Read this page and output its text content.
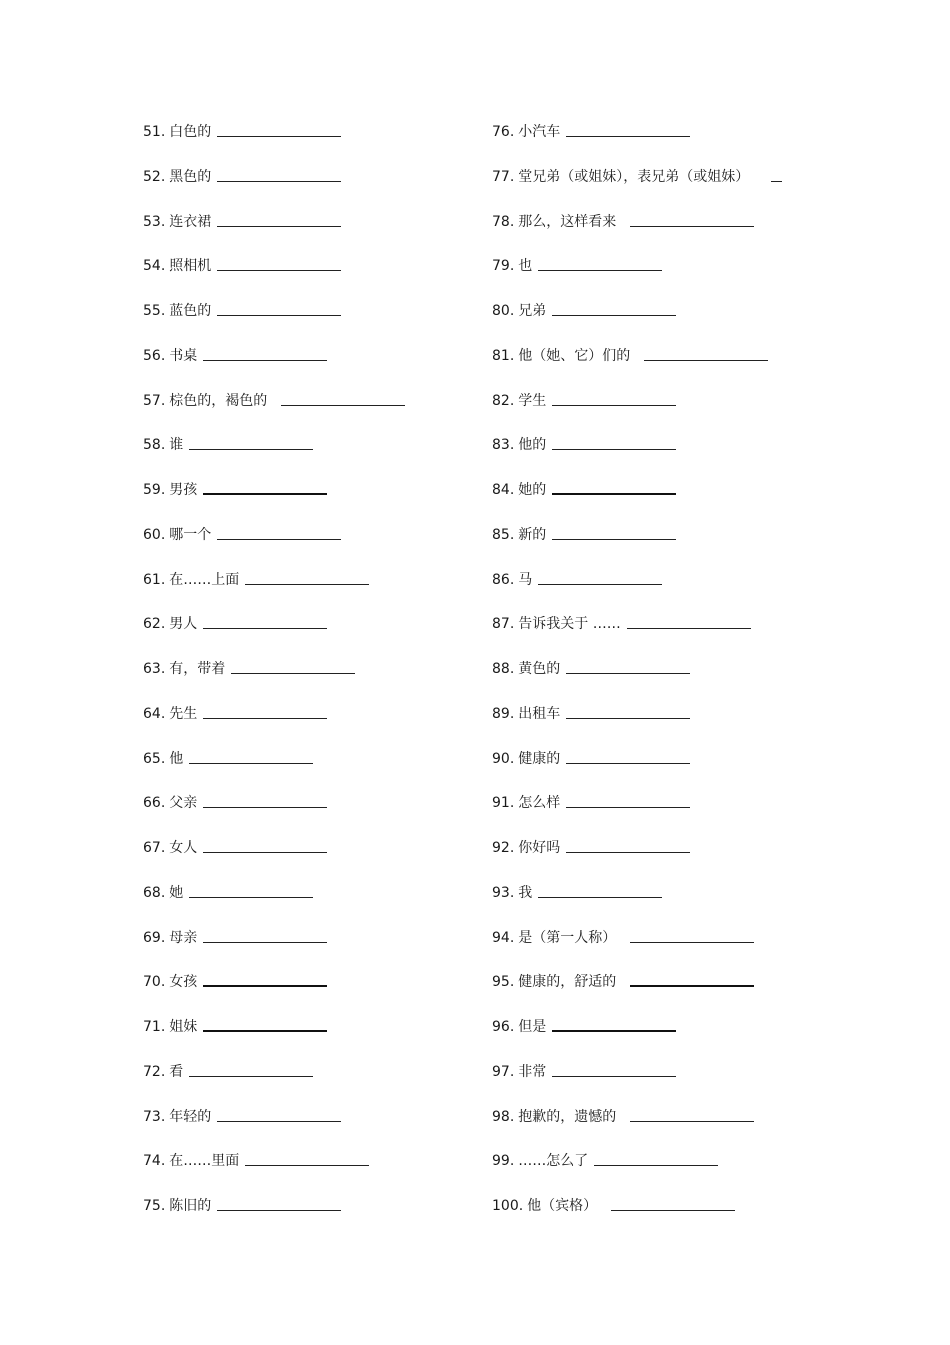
51. 白色的
52. 黑色的
53. 连衣裙
54. 照相机
55. 蓝色的
56. 书桌
57. 棕色的，褐色的
58. 谁
59. 男孩
60. 哪一个
61. 在……上面
62. 男人
63. 有，带着
64. 先生
65. 他
66. 父亲
67. 女人
68. 她
69. 母亲
70. 女孩
71. 姐妹
72. 看
73. 年轻的
74. 在……里面
75. 陈旧的
76. 小汽车
77. 堂兄弟（或姐妹），表兄弟（或姐妹）
78. 那么，这样看来
79. 也
80. 兄弟
81. 他（她、它）们的
82. 学生
83. 他的
84. 她的
85. 新的
86. 马
87. 告诉我关于 ……
88. 黄色的
89. 出租车
90. 健康的
91. 怎么样
92. 你好吗
93. 我
94. 是（第一人称）
95. 健康的，舒适的
96. 但是
97. 非常
98. 抱歉的，遗憾的
99. ……怎么了
100. 他（宾格）
